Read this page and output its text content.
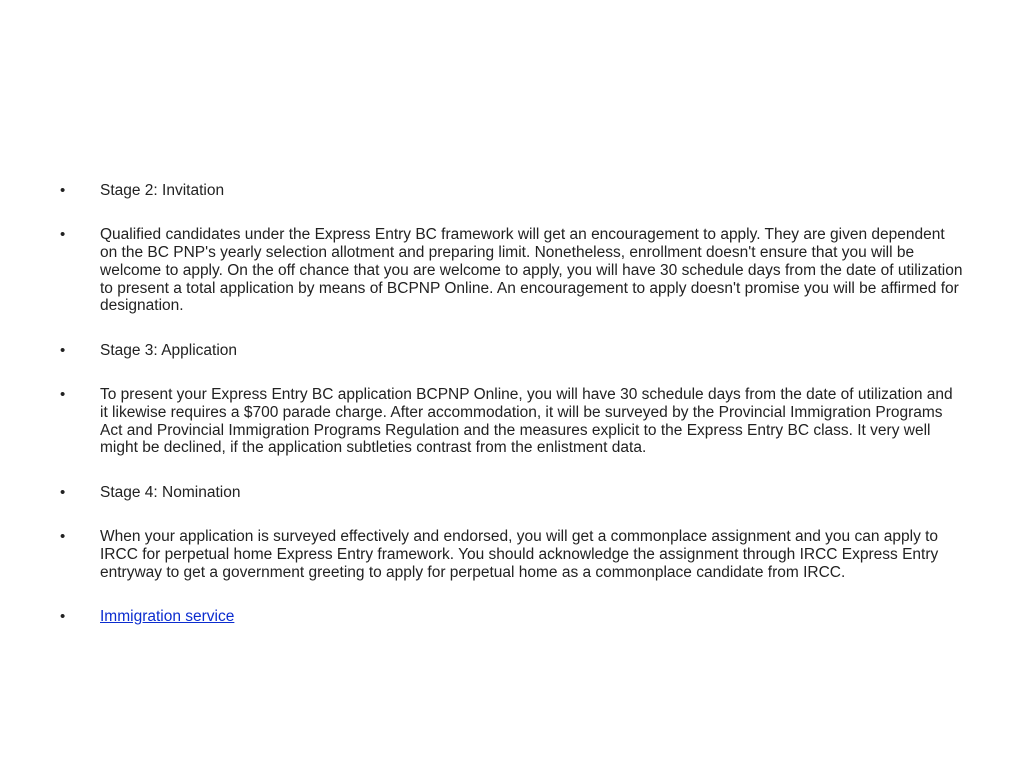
•	Stage 2: Invitation
•	Qualified candidates under the Express Entry BC framework will get an encouragement to apply. They are given dependent on the BC PNP's yearly selection allotment and preparing limit. Nonetheless, enrollment doesn't ensure that you will be welcome to apply. On the off chance that you are welcome to apply, you will have 30 schedule days from the date of utilization to present a total application by means of BCPNP Online. An encouragement to apply doesn't promise you will be affirmed for designation.
•	Stage 3: Application
•	To present your Express Entry BC application BCPNP Online, you will have 30 schedule days from the date of utilization and it likewise requires a $700 parade charge. After accommodation, it will be surveyed by the Provincial Immigration Programs Act and Provincial Immigration Programs Regulation and the measures explicit to the Express Entry BC class. It very well might be declined, if the application subtleties contrast from the enlistment data.
•	Stage 4: Nomination
•	When your application is surveyed effectively and endorsed, you will get a commonplace assignment and you can apply to IRCC for perpetual home Express Entry framework. You should acknowledge the assignment through IRCC Express Entry entryway to get a government greeting to apply for perpetual home as a commonplace candidate from IRCC.
•	Immigration service
